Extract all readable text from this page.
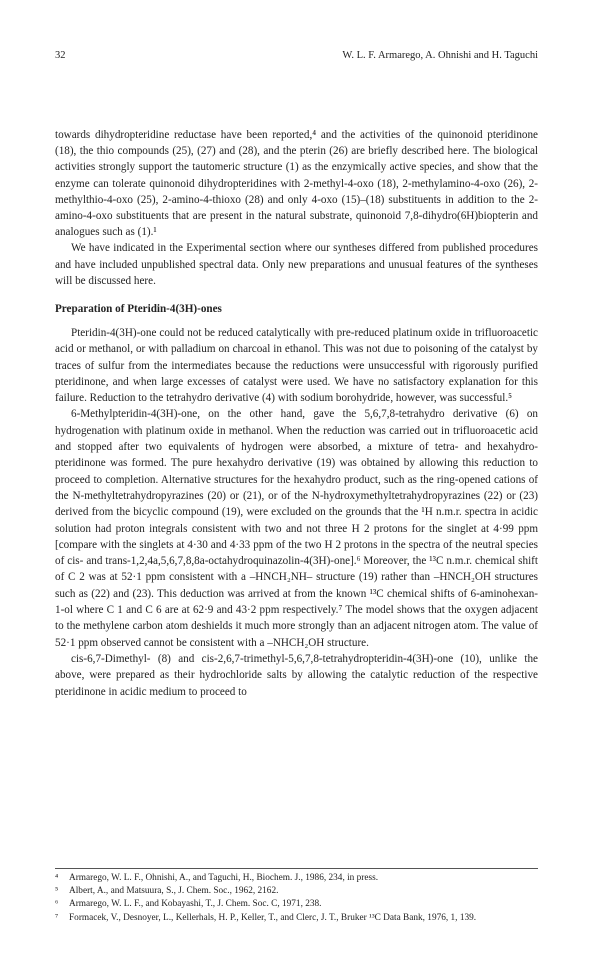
32	W. L. F. Armarego, A. Ohnishi and H. Taguchi

towards dihydropteridine reductase have been reported,⁴ and the activities of the quinonoid pteridinone (18), the thio compounds (25), (27) and (28), and the pterin (26) are briefly described here. The biological activities strongly support the tautomeric structure (1) as the enzymically active species, and show that the enzyme can tolerate quinonoid dihydropteridines with 2-methyl-4-oxo (18), 2-methylamino-4-oxo (26), 2-methylthio-4-oxo (25), 2-amino-4-thioxo (28) and only 4-oxo (15)–(18) substituents in addition to the 2-amino-4-oxo substituents that are present in the natural substrate, quinonoid 7,8-dihydro(6H)biopterin and analogues such as (1).¹

We have indicated in the Experimental section where our syntheses differed from published procedures and have included unpublished spectral data. Only new preparations and unusual features of the syntheses will be discussed here.

Preparation of Pteridin-4(3H)-ones

Pteridin-4(3H)-one could not be reduced catalytically with pre-reduced platinum oxide in trifluoroacetic acid or methanol, or with palladium on charcoal in ethanol. This was not due to poisoning of the catalyst by traces of sulfur from the intermediates because the reductions were unsuccessful with rigorously purified pteridinone, and when large excesses of catalyst were used. We have no satisfactory explanation for this failure. Reduction to the tetrahydro derivative (4) with sodium borohydride, however, was successful.⁵

6-Methylpteridin-4(3H)-one, on the other hand, gave the 5,6,7,8-tetrahydro derivative (6) on hydrogenation with platinum oxide in methanol. When the reduction was carried out in trifluoroacetic acid and stopped after two equivalents of hydrogen were absorbed, a mixture of tetra- and hexahydro-pteridinone was formed. The pure hexahydro derivative (19) was obtained by allowing this reduction to proceed to completion. Alternative structures for the hexahydro product, such as the ring-opened cations of the N-methyltetrahydropyrazines (20) or (21), or of the N-hydroxymethyltetrahydropyrazines (22) or (23) derived from the bicyclic compound (19), were excluded on the grounds that the ¹H n.m.r. spectra in acidic solution had proton integrals consistent with two and not three H 2 protons for the singlet at 4·99 ppm [compare with the singlets at 4·30 and 4·33 ppm of the two H 2 protons in the spectra of the neutral species of cis- and trans-1,2,4a,5,6,7,8,8a-octahydroquinazolin-4(3H)-one].⁶ Moreover, the ¹³C n.m.r. chemical shift of C 2 was at 52·1 ppm consistent with a –HNCH₂NH– structure (19) rather than –HNCH₂OH structures such as (22) and (23). This deduction was arrived at from the known ¹³C chemical shifts of 6-aminohexan-1-ol where C 1 and C 6 are at 62·9 and 43·2 ppm respectively.⁷ The model shows that the oxygen adjacent to the methylene carbon atom deshields it much more strongly than an adjacent nitrogen atom. The value of 52·1 ppm observed cannot be consistent with a –NHCH₂OH structure.

cis-6,7-Dimethyl- (8) and cis-2,6,7-trimethyl-5,6,7,8-tetrahydropteridin-4(3H)-one (10), unlike the above, were prepared as their hydrochloride salts by allowing the catalytic reduction of the respective pteridinone in acidic medium to proceed to

⁴ Armarego, W. L. F., Ohnishi, A., and Taguchi, H., Biochem. J., 1986, 234, in press.

⁵ Albert, A., and Matsuura, S., J. Chem. Soc., 1962, 2162.

⁶ Armarego, W. L. F., and Kobayashi, T., J. Chem. Soc. C, 1971, 238.

⁷ Formacek, V., Desnoyer, L., Kellerhals, H. P., Keller, T., and Clerc, J. T., Bruker ¹³C Data Bank, 1976, 1, 139.
